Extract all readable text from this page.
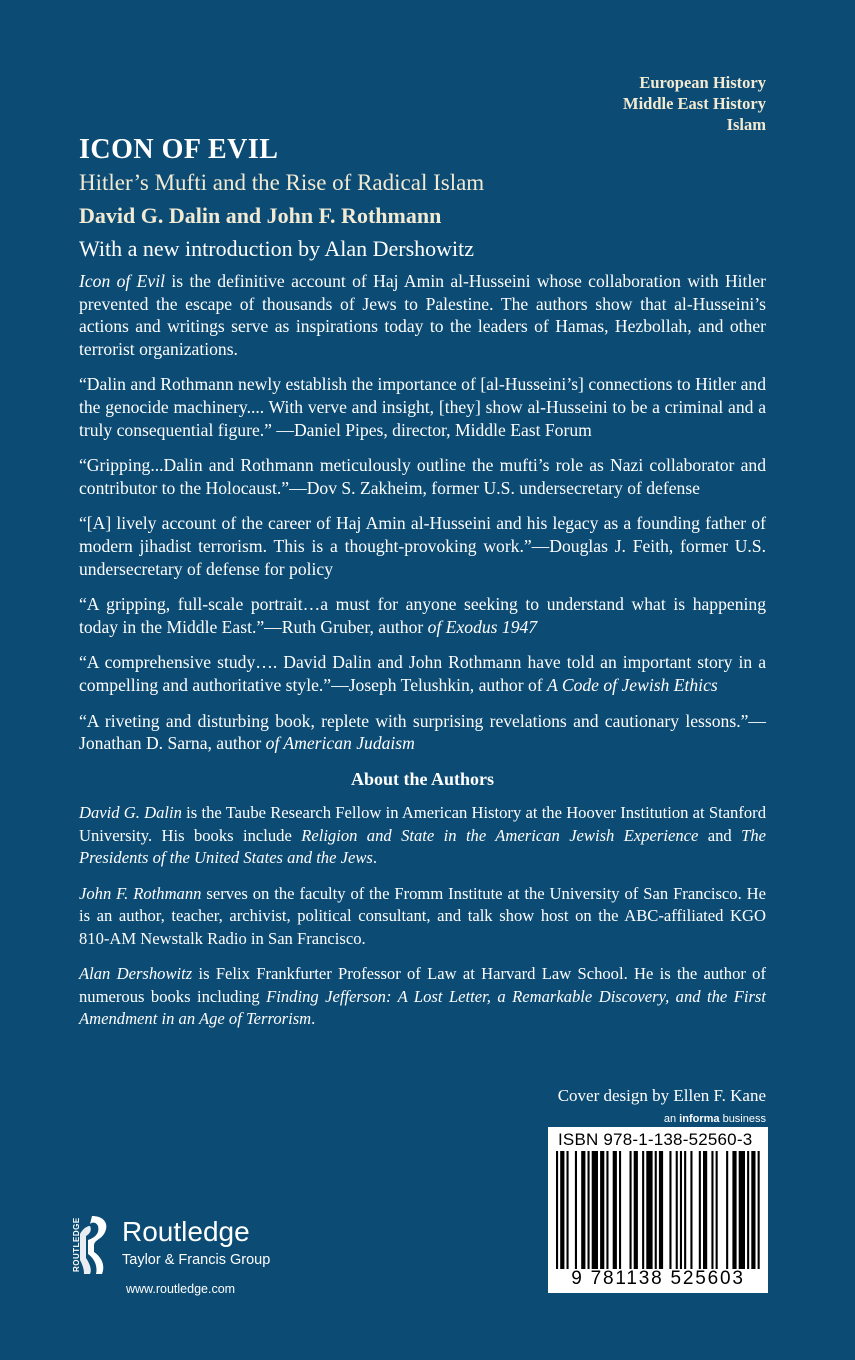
European History
Middle East History
Islam
ICON OF EVIL
Hitler’s Mufti and the Rise of Radical Islam
David G. Dalin and John F. Rothmann
With a new introduction by Alan Dershowitz

Icon of Evil is the definitive account of Haj Amin al-Husseini whose collaboration with Hitler prevented the escape of thousands of Jews to Palestine. The authors show that al-Husseini’s actions and writings serve as inspirations today to the leaders of Hamas, Hezbollah, and other terrorist organizations.

“Dalin and Rothmann newly establish the importance of [al-Husseini’s] connections to Hitler and the genocide machinery.... With verve and insight, [they] show al-Husseini to be a criminal and a truly consequential figure.” —Daniel Pipes, director, Middle East Forum

“Gripping...Dalin and Rothmann meticulously outline the mufti’s role as Nazi collaborator and contributor to the Holocaust.”—Dov S. Zakheim, former U.S. undersecretary of defense

“[A] lively account of the career of Haj Amin al-Husseini and his legacy as a founding father of modern jihadist terrorism. This is a thought-provoking work.”—Douglas J. Feith, former U.S. undersecretary of defense for policy

“A gripping, full-scale portrait…a must for anyone seeking to understand what is happening today in the Middle East.”—Ruth Gruber, author of Exodus 1947

“A comprehensive study…. David Dalin and John Rothmann have told an important story in a compelling and authoritative style.”—Joseph Telushkin, author of A Code of Jewish Ethics

“A riveting and disturbing book, replete with surprising revelations and cautionary lessons.”—Jonathan D. Sarna, author of American Judaism

About the Authors

David G. Dalin is the Taube Research Fellow in American History at the Hoover Institution at Stanford University. His books include Religion and State in the American Jewish Experience and The Presidents of the United States and the Jews.

John F. Rothmann serves on the faculty of the Fromm Institute at the University of San Francisco. He is an author, teacher, archivist, political consultant, and talk show host on the ABC-affiliated KGO 810-AM Newstalk Radio in San Francisco.

Alan Dershowitz is Felix Frankfurter Professor of Law at Harvard Law School. He is the author of numerous books including Finding Jefferson: A Lost Letter, a Remarkable Discovery, and the First Amendment in an Age of Terrorism.

Cover design by Ellen F. Kane
an informa business
ISBN 978-1-138-52560-3
9 781138 525603
ROUTLEDGE Routledge
Taylor & Francis Group
www.routledge.com
